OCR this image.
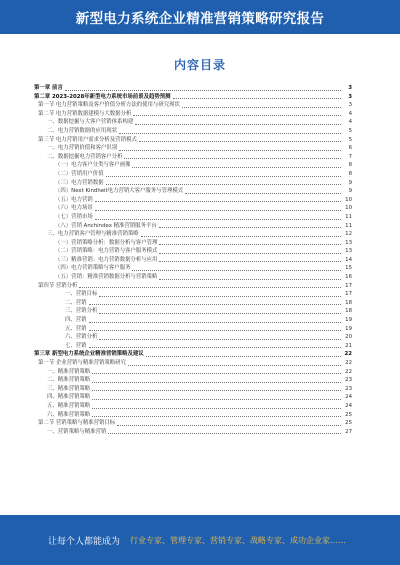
新型电力系统企业精准营销策略研究报告
内容目录
第一章 前言	3
第二章 2023-2028年新型电力系统市场前景及趋势预测	3
第一节 电力营销策略及客户价值分析方法的使用与研究现状	3
第二节 电力营销数据建模与大数据分析	4
一、数据挖掘与大客户营销体系构建	4
二、电力营销数据的应用现状	5
第三节 电力营销用户需求分析及营销模式	5
一、电力营销价值和客户识别	6
二、数据挖掘电力营销客户分析	7
（一）电力客户分类与客户画像	8
（二）营销用户价值	8
（三）电力营销数据	9
（四）Next Kindheit电力营销大客户服务与管理模式	9
（五）电力营销	10
（六）电力场景	10
（七）营销市场	11
（八）营销 Anchindex 精准营销服务平台	11
三、电力营销客户管理与精准营销策略	12
（一）营销策略分析：数据分析与客户管理	13
（二）营销策略：电力营销与客户服务模式	13
（三）精准营销：电力营销数据分析与应用	14
（四）电力营销策略与客户服务	15
（五）营销：精准营销数据分析与营销策略	16
第四节 营销分析	17
一、营销目标	17
二、营销	18
三、营销分析	18
四、营销	19
五、营销	19
六、营销分析	20
七、营销	21
第三章 新型电力系统企业精准营销策略及建议	22
第一节 企业营销与精准营销策略研究	22
一、精准营销策略	22
二、精准营销策略	23
三、精准营销策略	23
四、精准营销策略	24
五、精准营销策略	24
六、精准营销策略	25
第二节 营销策略与精准营销目标	25
一、营销策略与精准营销	27
让每个人都能成为 行业专家、管理专家、营销专家、战略专家、成功企业家……
